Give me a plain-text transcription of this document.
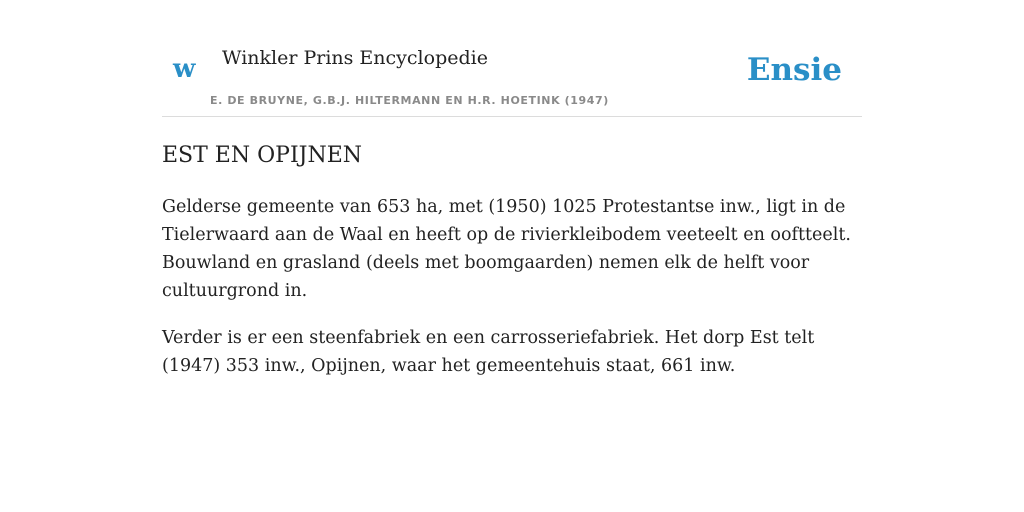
w Winkler Prins Encyclopedie
E. DE BRUYNE, G.B.J. HILTERMANN EN H.R. HOETINK (1947)
Ensie
EST EN OPIJNEN

Gelderse gemeente van 653 ha, met (1950) 1025 Protestantse inw., ligt in de Tielerwaard aan de Waal en heeft op de rivierkleibodem veeteelt en ooftteelt. Bouwland en grasland (deels met boomgaarden) nemen elk de helft voor cultuurgrond in.

Verder is er een steenfabriek en een carrosseriefabriek. Het dorp Est telt (1947) 353 inw., Opijnen, waar het gemeentehuis staat, 661 inw.
